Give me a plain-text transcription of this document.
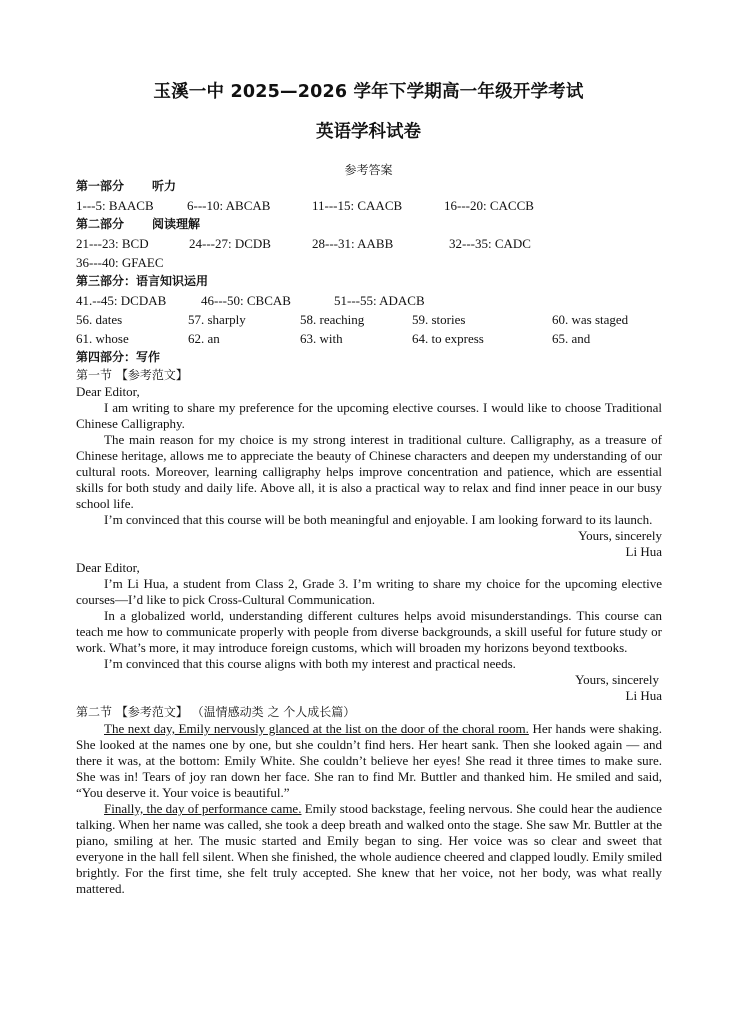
玉溪一中 2025—2026 学年下学期高一年级开学考试
英语学科试卷
参考答案
第一部分 听力
1---5: BAACB	6---10: ABCAB	11---15: CAACB	16---20: CACCB
第二部分 阅读理解
21---23: BCD	24---27: DCDB	28---31: AABB	32---35: CADC
36---40: GFAEC
第三部分：语言知识运用
41.--45: DCDAB	46---50: CBCAB	51---55: ADACB
56. dates	57. sharply	58. reaching	59. stories	60. was staged
61. whose	62. an	63. with	64. to express	65. and
第四部分：写作
第一节 【参考范文】

Dear Editor,

I am writing to share my preference for the upcoming elective courses. I would like to choose Traditional Chinese Calligraphy.

The main reason for my choice is my strong interest in traditional culture. Calligraphy, as a treasure of Chinese heritage, allows me to appreciate the beauty of Chinese characters and deepen my understanding of our cultural roots. Moreover, learning calligraphy helps improve concentration and patience, which are essential skills for both study and daily life. Above all, it is also a practical way to relax and find inner peace in our busy school life.

I’m convinced that this course will be both meaningful and enjoyable. I am looking forward to its launch.

Yours, sincerely

Li Hua

Dear Editor,

I’m Li Hua, a student from Class 2, Grade 3. I’m writing to share my choice for the upcoming elective courses—I’d like to pick Cross-Cultural Communication.

In a globalized world, understanding different cultures helps avoid misunderstandings. This course can teach me how to communicate properly with people from diverse backgrounds, a skill useful for future study or work. What’s more, it may introduce foreign customs, which will broaden my horizons beyond textbooks.

I’m convinced that this course aligns with both my interest and practical needs.

Yours, sincerely

Li Hua

第二节 【参考范文】 （温情感动类 之 个人成长篇）

The next day, Emily nervously glanced at the list on the door of the choral room. Her hands were shaking. She looked at the names one by one, but she couldn’t find hers. Her heart sank. Then she looked again — and there it was, at the bottom: Emily White. She couldn’t believe her eyes! She read it three times to make sure. She was in! Tears of joy ran down her face. She ran to find Mr. Buttler and thanked him. He smiled and said, “You deserve it. Your voice is beautiful.”

Finally, the day of performance came. Emily stood backstage, feeling nervous. She could hear the audience talking. When her name was called, she took a deep breath and walked onto the stage. She saw Mr. Buttler at the piano, smiling at her. The music started and Emily began to sing. Her voice was so clear and sweet that everyone in the hall fell silent. When she finished, the whole audience cheered and clapped loudly. Emily smiled brightly. For the first time, she felt truly accepted. She knew that her voice, not her body, was what really mattered.
